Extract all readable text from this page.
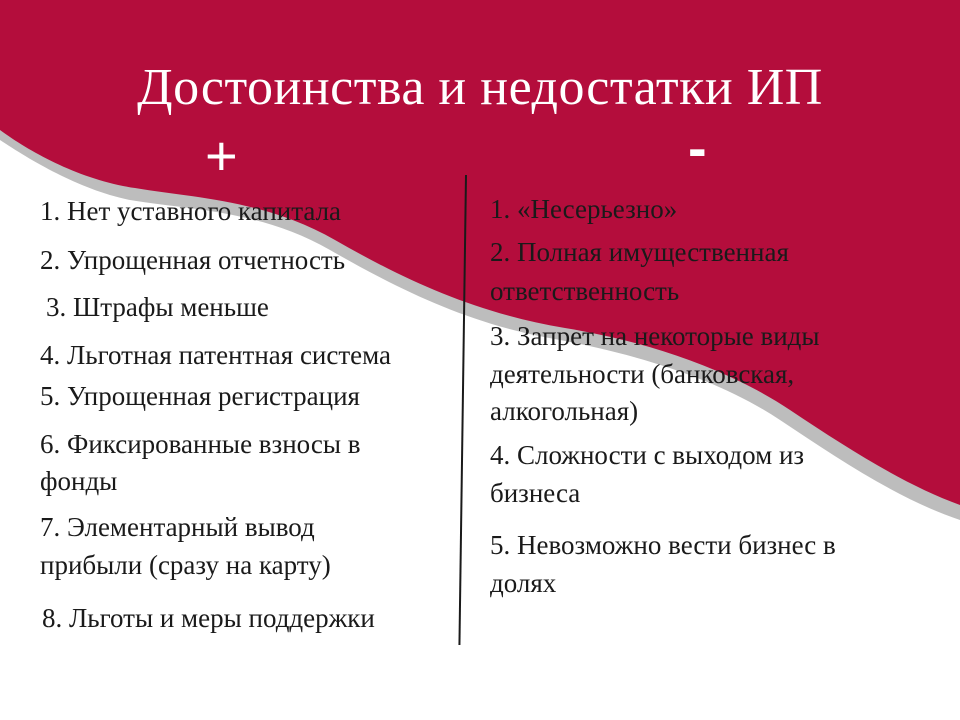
Достоинства и недостатки ИП
+	-

1. Нет уставного капитала

2. Упрощенная отчетность

3. Штрафы меньше

4. Льготная патентная система

5. Упрощенная регистрация

6. Фиксированные взносы в

фонды

7. Элементарный вывод

прибыли (сразу на карту)

8. Льготы и меры поддержки

1. «Несерьезно»

2. Полная имущественная

ответственность

3. Запрет на некоторые виды

деятельности (банковская,

алкогольная)

4. Сложности с выходом из

бизнеса

5. Невозможно вести бизнес в

долях
